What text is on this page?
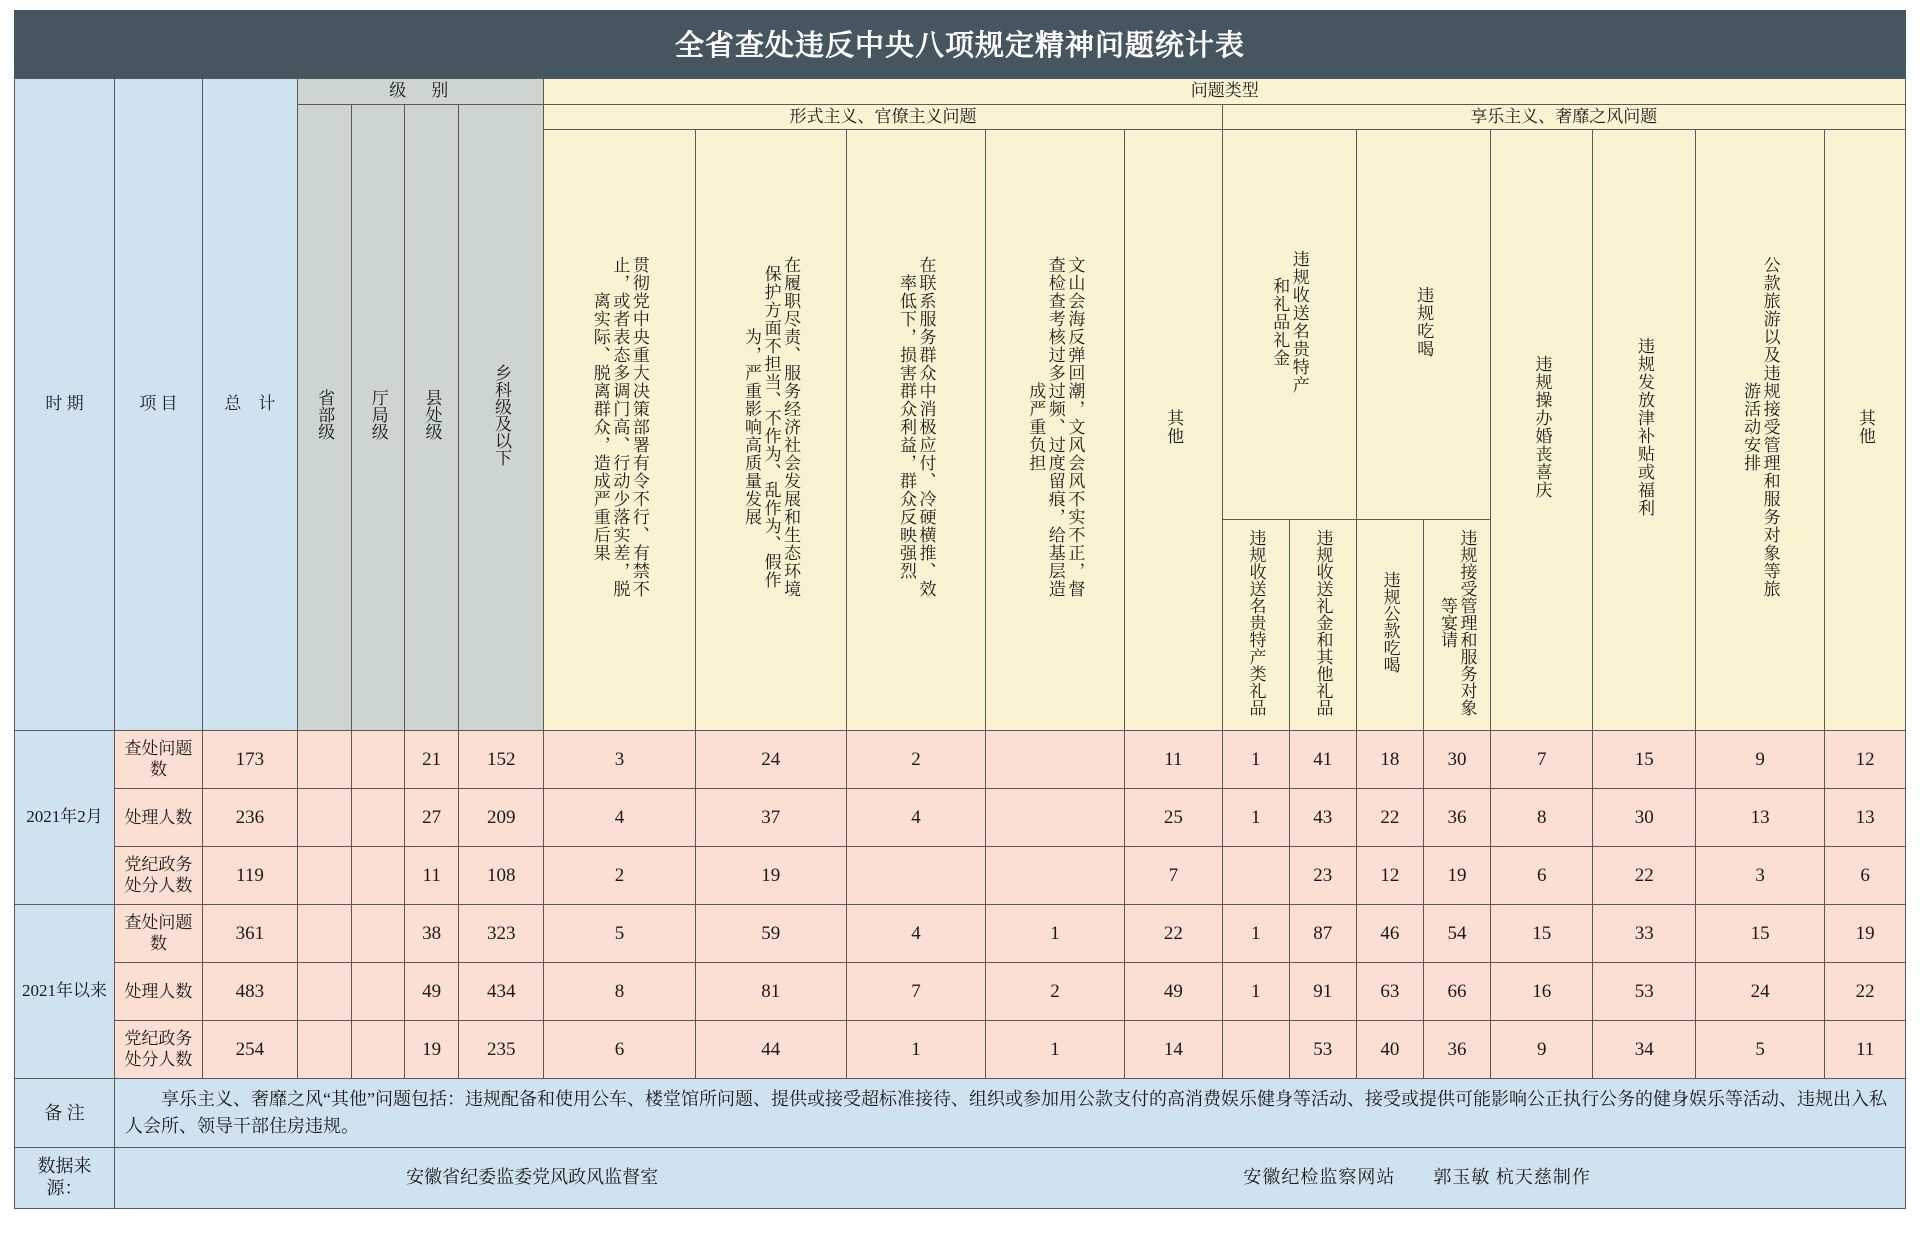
全省查处违反中央八项规定精神问题统计表
时 期	项 目	总　计	级　别				问题类型												
			省部级	厅局级	县处级	乡科级及以下	形式主义、官僚主义问题					享乐主义、奢靡之风问题							
							贯彻党中央重大决策部署有令不行、有禁不止，或者表态多调门高、行动少落实差，脱离实际、脱离群众，造成严重后果	在履职尽责、服务经济社会发展和生态环境保护方面不担当、不作为、乱作为、假作为，严重影响高质量发展	在联系服务群众中消极应付、冷硬横推、效率低下，损害群众利益，群众反映强烈	文山会海反弹回潮，文风会风不实不正，督查检查考核过多过频、过度留痕，给基层造成严重负担	其他	违规收送名贵特产和礼品礼金		违规吃喝		违规操办婚丧喜庆	违规发放津补贴或福利	公款旅游以及违规接受管理和服务对象等旅游活动安排	其他
												违规收送名贵特产类礼品	违规收送礼金和其他礼品	违规公款吃喝	违规接受管理和服务对象等宴请				
2021年2月	查处问题数	173			21	152	3	24	2		11	1	41	18	30	7	15	9	12
	处理人数	236			27	209	4	37	4		25	1	43	22	36	8	30	13	13
	党纪政务处分人数	119			11	108	2	19			7		23	12	19	6	22	3	6
2021年以来	查处问题数	361			38	323	5	59	4	1	22	1	87	46	54	15	33	15	19
	处理人数	483			49	434	8	81	7	2	49	1	91	63	66	16	53	24	22
	党纪政务处分人数	254			19	235	6	44	1	1	14		53	40	36	9	34	5	11
备 注	享乐主义、奢靡之风“其他”问题包括：违规配备和使用公车、楼堂馆所问题、提供或接受超标准接待、组织或参加用公款支付的高消费娱乐健身等活动、接受或提供可能影响公正执行公务的健身娱乐等活动、违规出入私人会所、领导干部住房违规。																		
数据来源：	安徽省纪委监委党风政风监督室 安徽纪检监察网站　　郭玉敏 杭天慈制作																		
